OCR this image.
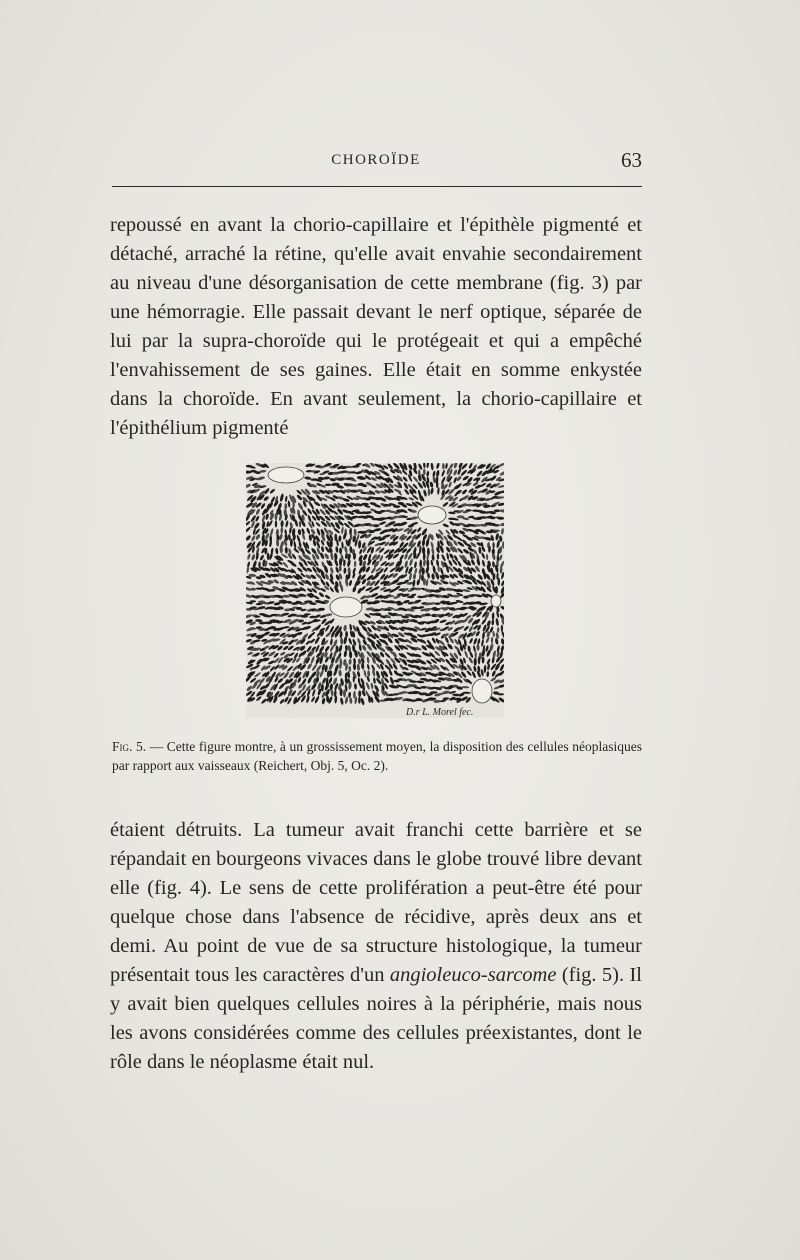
CHOROÏDE	63

repoussé en avant la chorio-capillaire et l'épithèle pigmenté et détaché, arraché la rétine, qu'elle avait envahie secondairement au niveau d'une désorganisation de cette membrane (fig. 3) par une hémorragie. Elle passait devant le nerf optique, séparée de lui par la supra-choroïde qui le protégeait et qui a empêché l'envahissement de ses gaines. Elle était en somme enkystée dans la choroïde. En avant seulement, la chorio-capillaire et l'épithélium pigmenté

D.r L. Morel fec.

Fig. 5. — Cette figure montre, à un grossissement moyen, la disposition des cellules néoplasiques par rapport aux vaisseaux (Reichert, Obj. 5, Oc. 2).

étaient détruits. La tumeur avait franchi cette barrière et se répandait en bourgeons vivaces dans le globe trouvé libre devant elle (fig. 4). Le sens de cette prolifération a peut-être été pour quelque chose dans l'absence de récidive, après deux ans et demi. Au point de vue de sa structure histologique, la tumeur présentait tous les caractères d'un angioleuco-sarcome (fig. 5). Il y avait bien quelques cellules noires à la périphérie, mais nous les avons considérées comme des cellules préexistantes, dont le rôle dans le néoplasme était nul.
